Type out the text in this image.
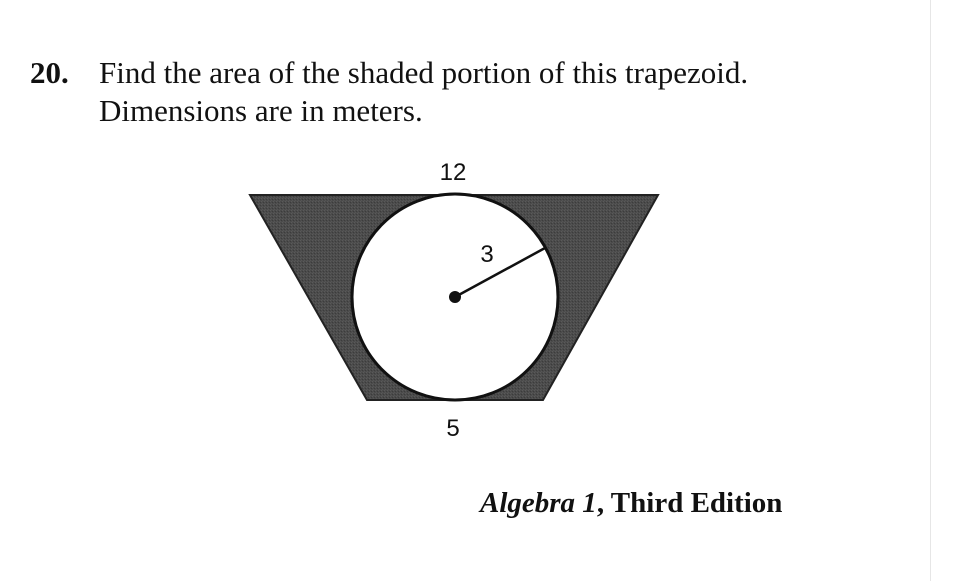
20. Find the area of the shaded portion of this trapezoid.
Dimensions are in meters.
12
3
5
Algebra 1, Third Edition
